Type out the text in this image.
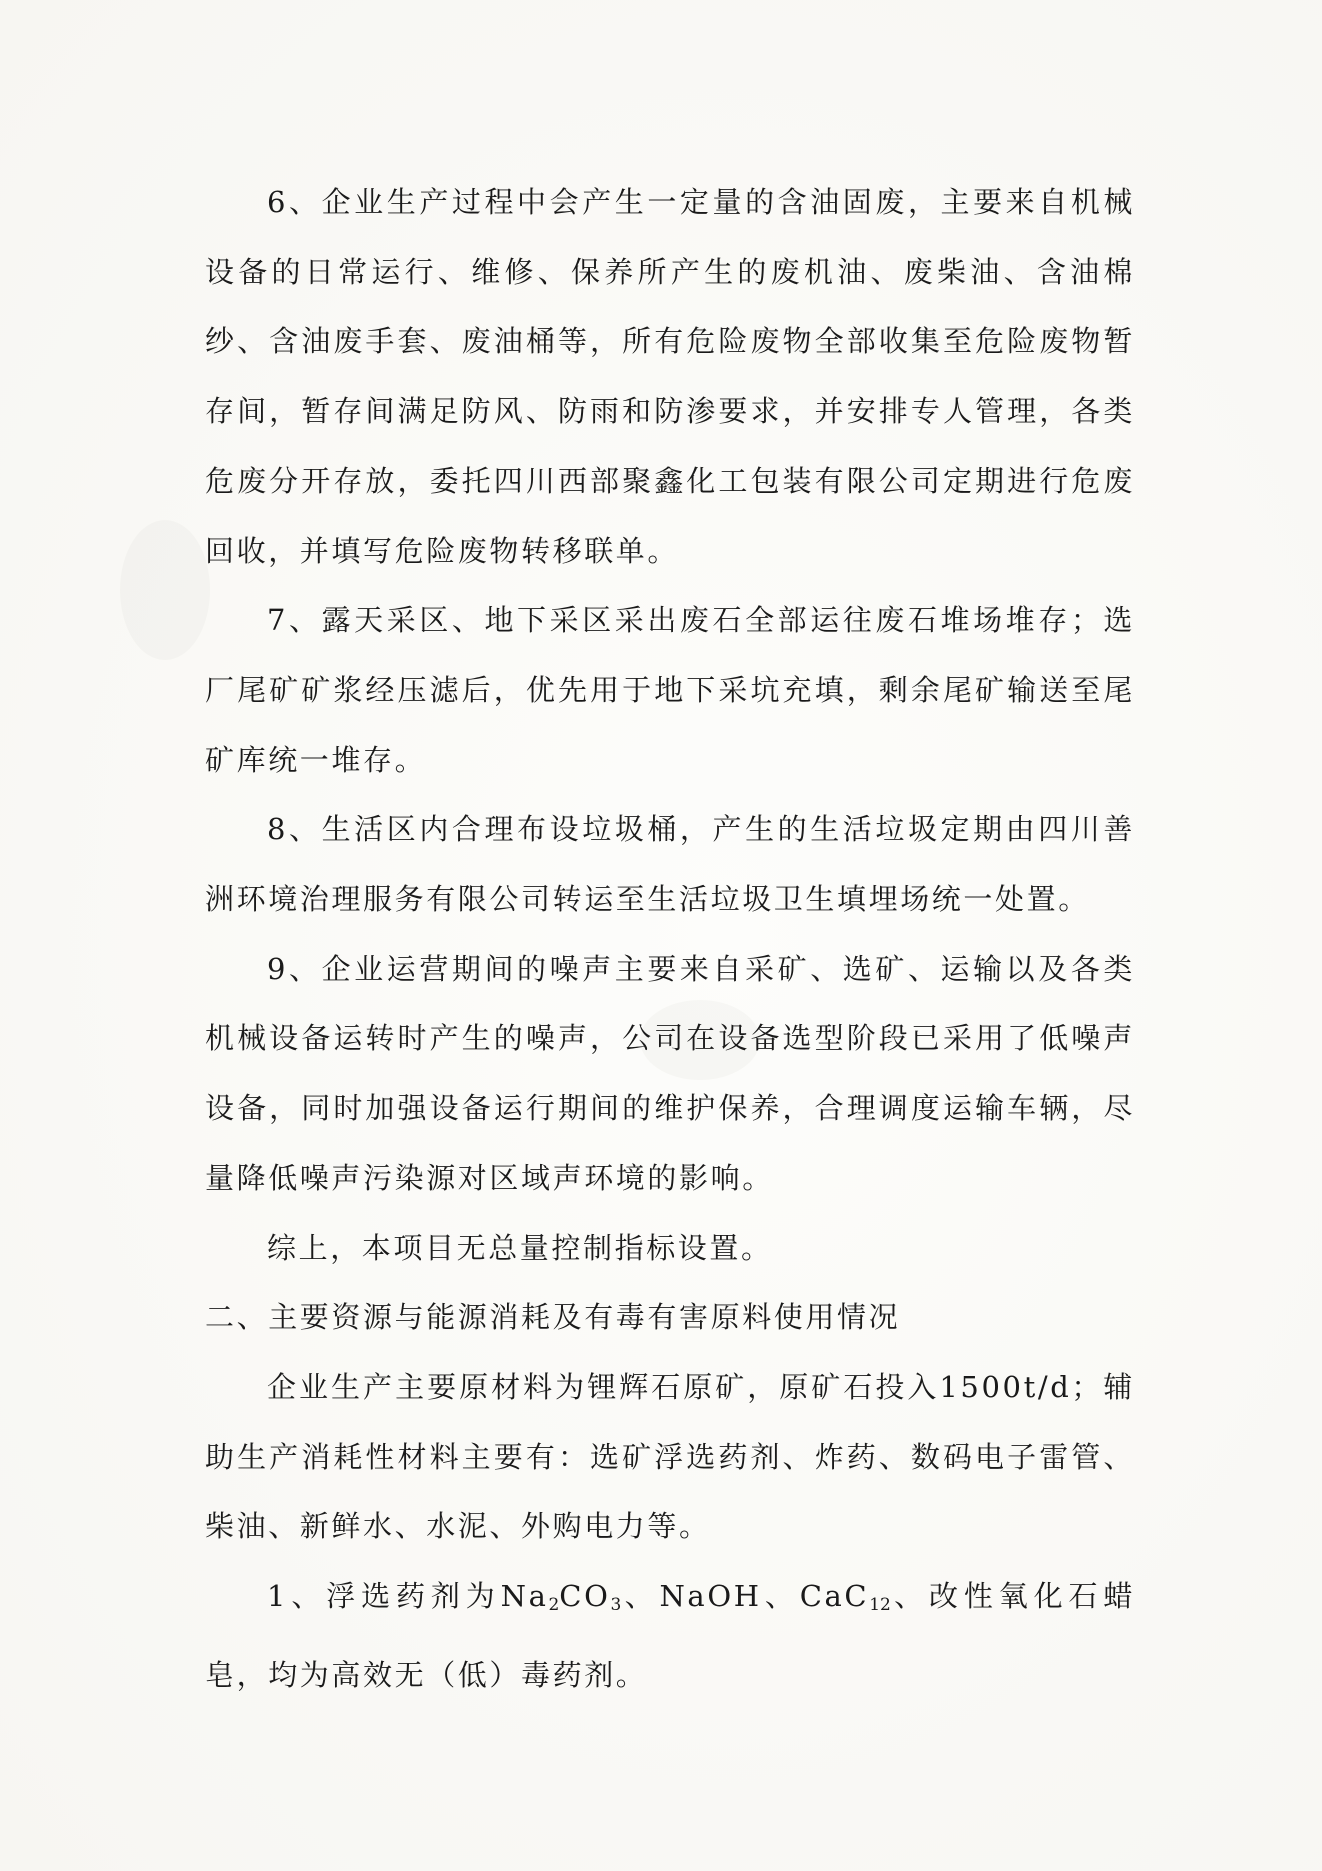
6、企业生产过程中会产生一定量的含油固废，主要来自机械设备的日常运行、维修、保养所产生的废机油、废柴油、含油棉纱、含油废手套、废油桶等，所有危险废物全部收集至危险废物暂存间，暂存间满足防风、防雨和防渗要求，并安排专人管理，各类危废分开存放，委托四川西部聚鑫化工包装有限公司定期进行危废回收，并填写危险废物转移联单。

7、露天采区、地下采区采出废石全部运往废石堆场堆存；选厂尾矿矿浆经压滤后，优先用于地下采坑充填，剩余尾矿输送至尾矿库统一堆存。

8、生活区内合理布设垃圾桶，产生的生活垃圾定期由四川善洲环境治理服务有限公司转运至生活垃圾卫生填埋场统一处置。

9、企业运营期间的噪声主要来自采矿、选矿、运输以及各类机械设备运转时产生的噪声，公司在设备选型阶段已采用了低噪声设备，同时加强设备运行期间的维护保养，合理调度运输车辆，尽量降低噪声污染源对区域声环境的影响。

综上，本项目无总量控制指标设置。

二、主要资源与能源消耗及有毒有害原料使用情况

企业生产主要原材料为锂辉石原矿，原矿石投入1500t/d；辅助生产消耗性材料主要有：选矿浮选药剂、炸药、数码电子雷管、柴油、新鲜水、水泥、外购电力等。

1、浮选药剂为$Na_2CO_3$、NaOH、CaC$_{12}$、改性氧化石蜡皂，均为高效无（低）毒药剂。
